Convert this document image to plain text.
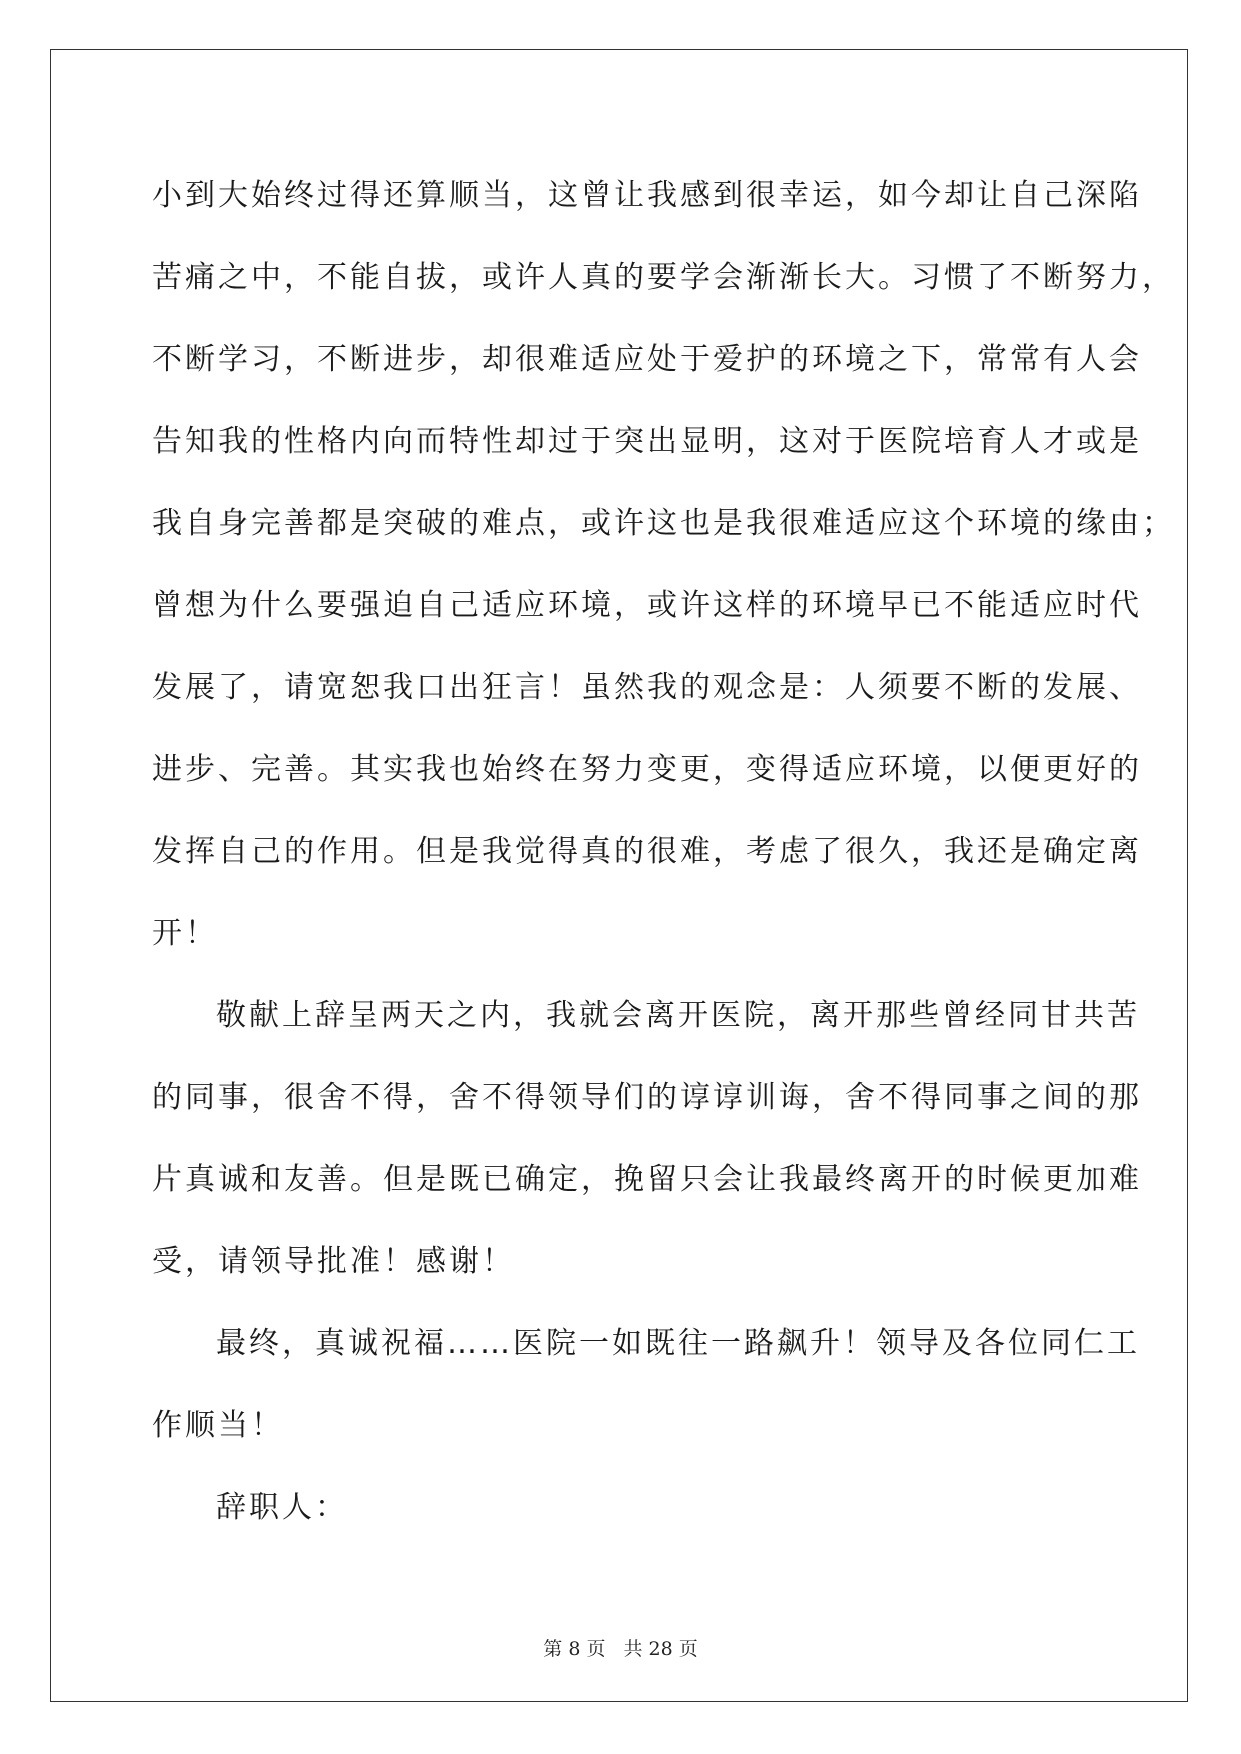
小到大始终过得还算顺当，这曾让我感到很幸运，如今却让自己深陷
苦痛之中，不能自拔，或许人真的要学会渐渐长大。习惯了不断努力，
不断学习，不断进步，却很难适应处于爱护的环境之下，常常有人会
告知我的性格内向而特性却过于突出显明，这对于医院培育人才或是
我自身完善都是突破的难点，或许这也是我很难适应这个环境的缘由；
曾想为什么要强迫自己适应环境，或许这样的环境早已不能适应时代
发展了，请宽恕我口出狂言！虽然我的观念是：人须要不断的发展、
进步、完善。其实我也始终在努力变更，变得适应环境，以便更好的
发挥自己的作用。但是我觉得真的很难，考虑了很久，我还是确定离
开！
敬献上辞呈两天之内，我就会离开医院，离开那些曾经同甘共苦
的同事，很舍不得，舍不得领导们的谆谆训诲，舍不得同事之间的那
片真诚和友善。但是既已确定，挽留只会让我最终离开的时候更加难
受，请领导批准！感谢！
最终，真诚祝福……医院一如既往一路飙升！领导及各位同仁工
作顺当！
辞职人：
第 8 页 共 28 页
